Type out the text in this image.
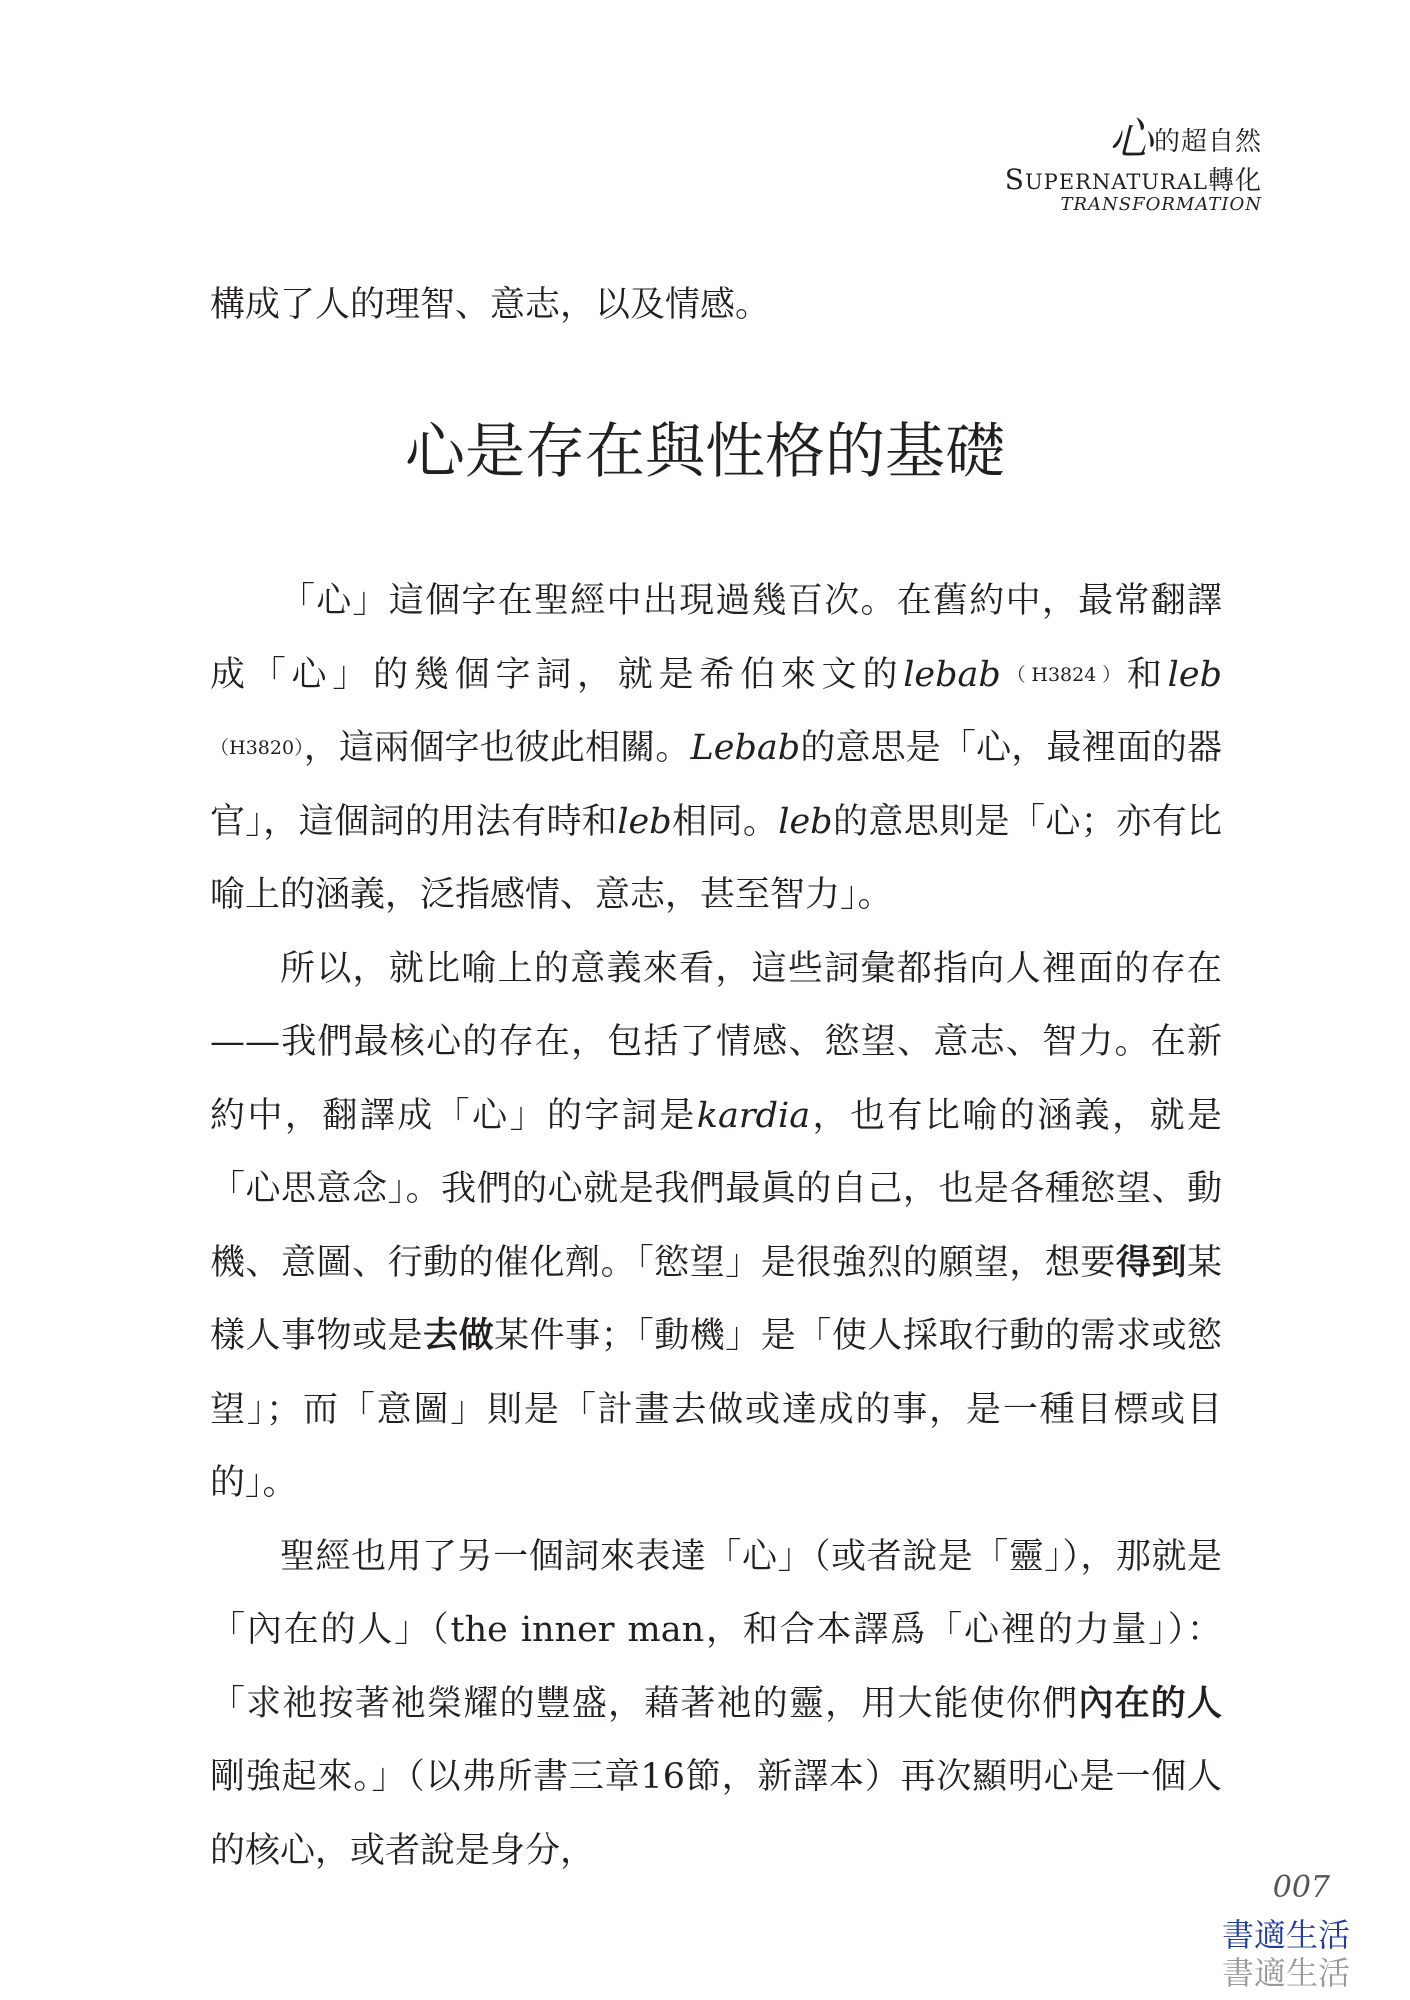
心的超自然
SUPERNATURAL轉化
TRANSFORMATION

構成了人的理智、意志，以及情感。

心是存在與性格的基礎

「心」這個字在聖經中出現過幾百次。在舊約中，最常翻譯成「心」的幾個字詞，就是希伯來文的lebab（H3824）和leb（H3820），這兩個字也彼此相關。Lebab的意思是「心，最裡面的器官」，這個詞的用法有時和leb相同。leb的意思則是「心；亦有比喻上的涵義，泛指感情、意志，甚至智力」。

所以，就比喻上的意義來看，這些詞彙都指向人裡面的存在——我們最核心的存在，包括了情感、慾望、意志、智力。在新約中，翻譯成「心」的字詞是kardia，也有比喻的涵義，就是「心思意念」。我們的心就是我們最眞的自己，也是各種慾望、動機、意圖、行動的催化劑。「慾望」是很強烈的願望，想要得到某樣人事物或是去做某件事；「動機」是「使人採取行動的需求或慾望」；而「意圖」則是「計畫去做或達成的事，是一種目標或目的」。

聖經也用了另一個詞來表達「心」（或者說是「靈」），那就是「內在的人」（the inner man，和合本譯爲「心裡的力量」）：「求祂按著祂榮耀的豐盛，藉著祂的靈，用大能使你們內在的人剛強起來。」（以弗所書三章16節，新譯本）再次顯明心是一個人的核心，或者說是身分，

007
書適生活
書適生活
